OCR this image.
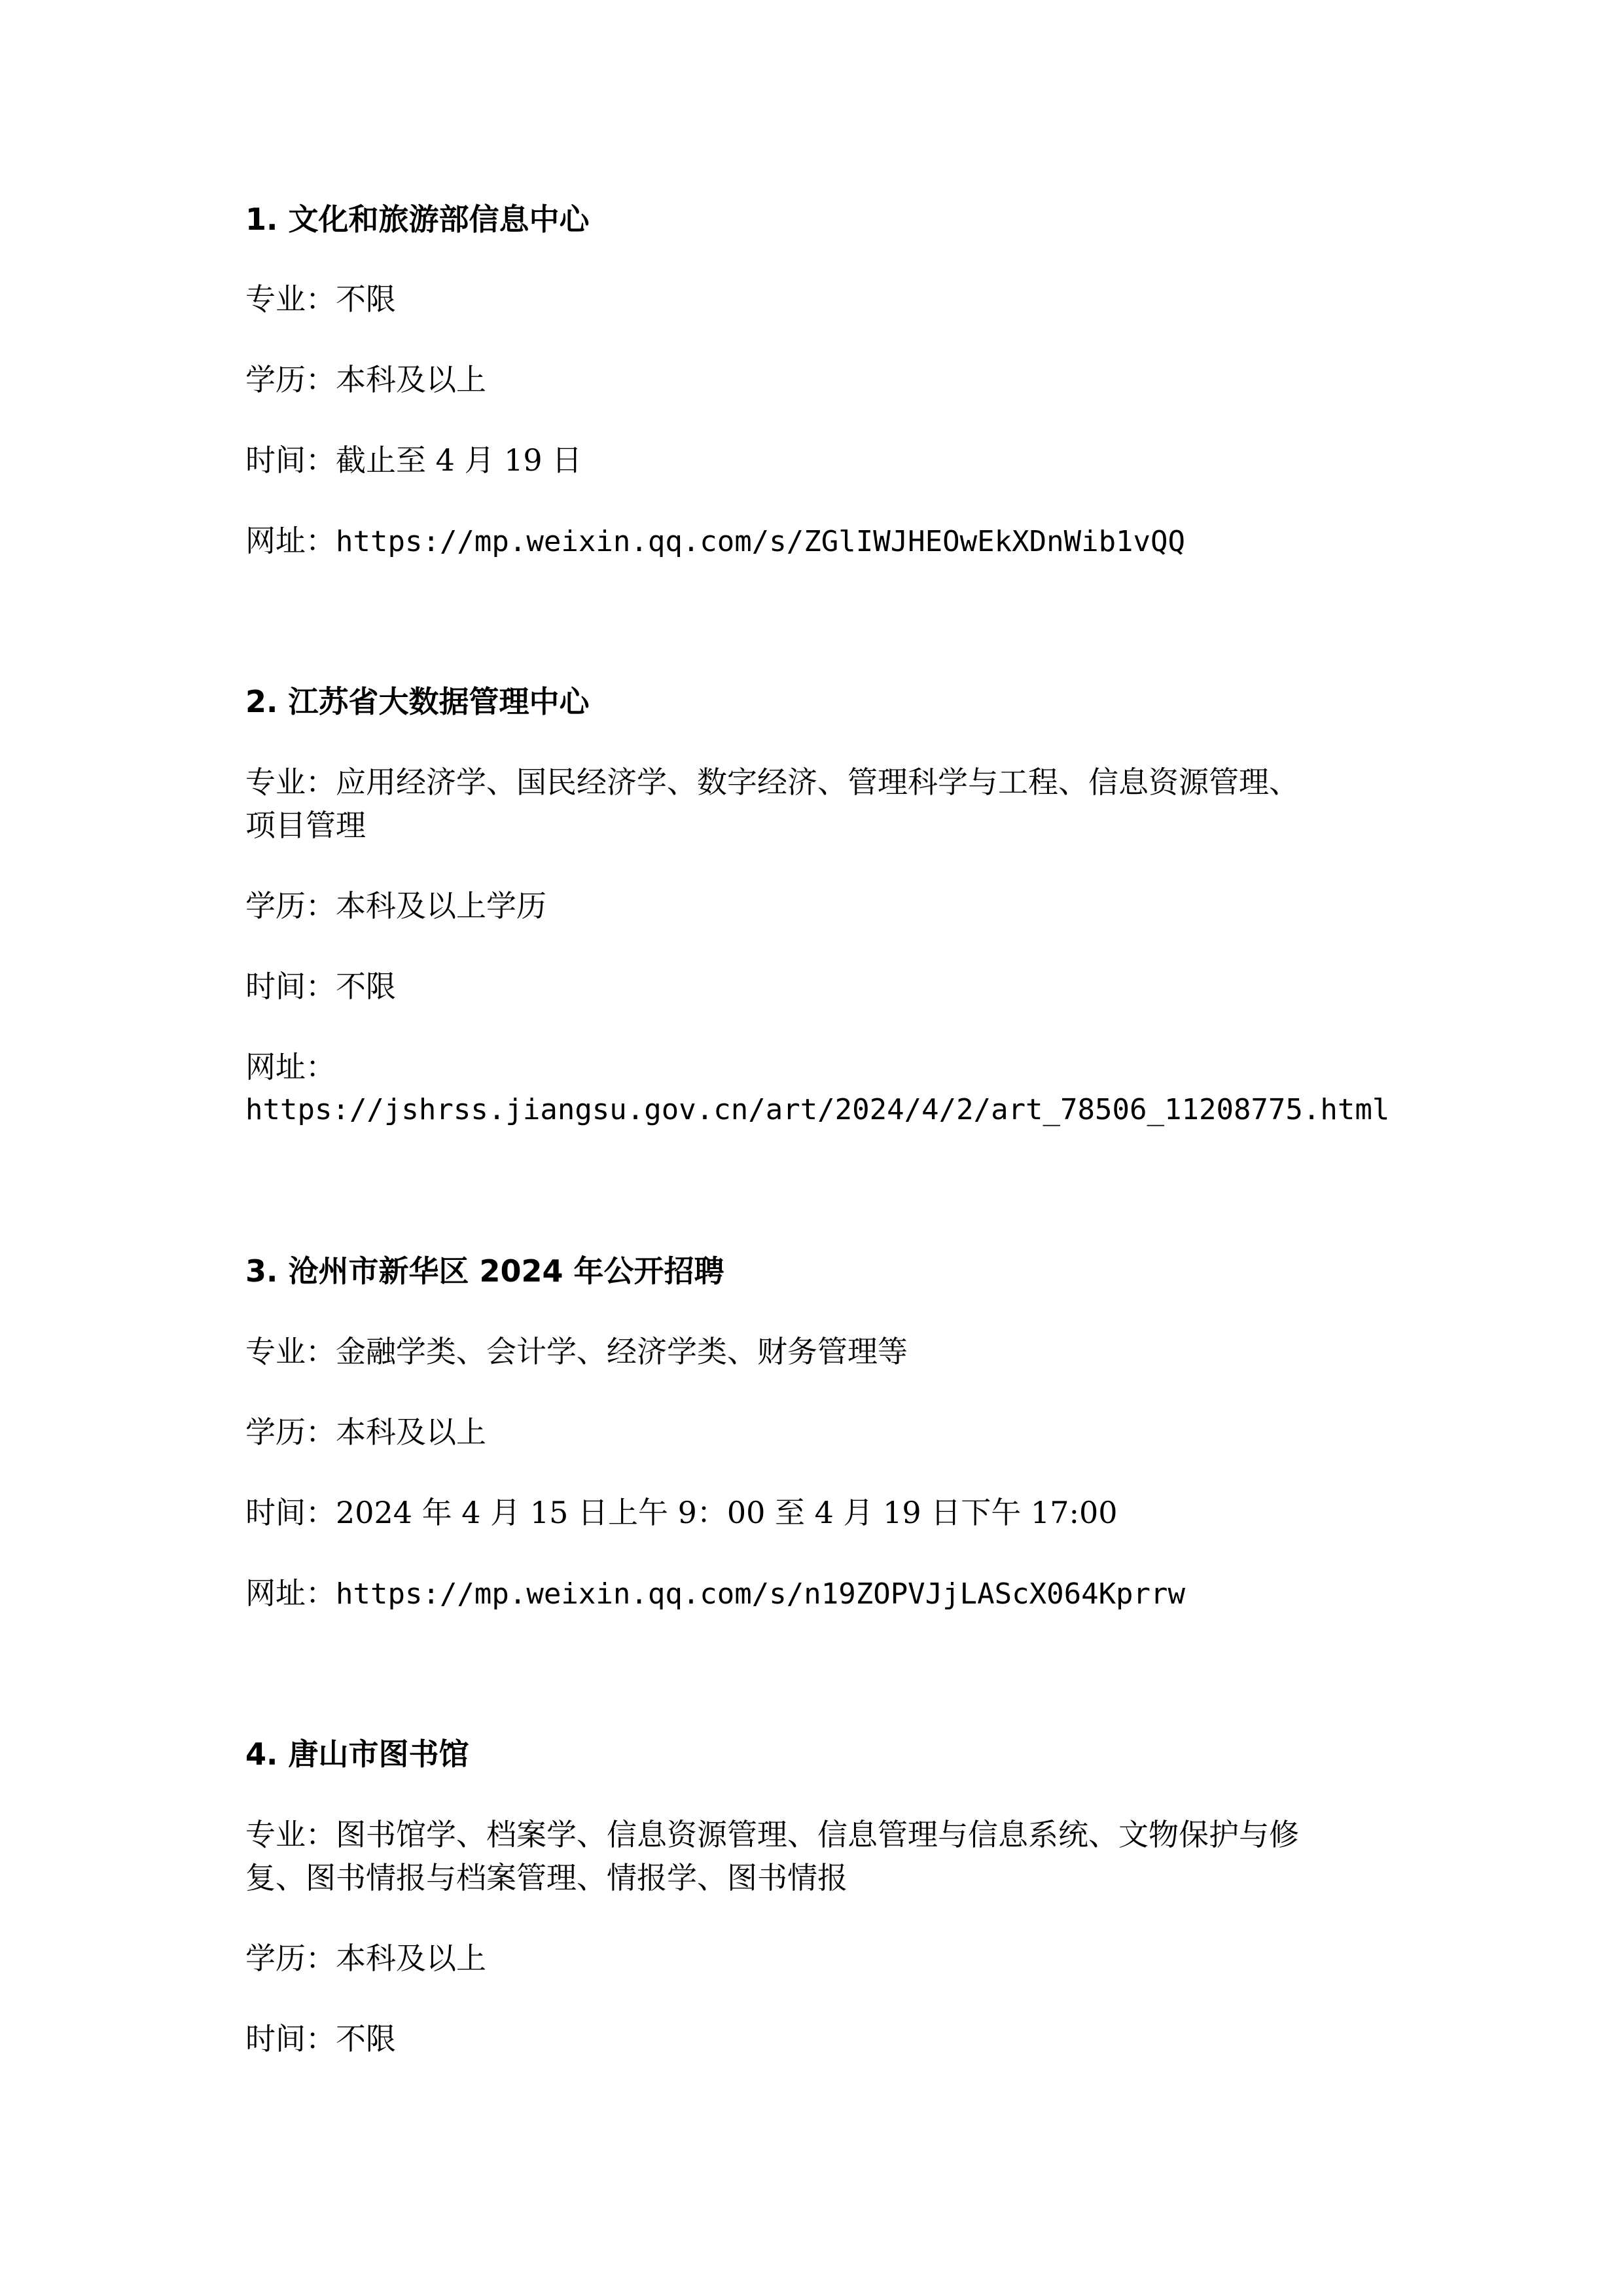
1. 文化和旅游部信息中心
专业：不限
学历：本科及以上
时间：截止至 4 月 19 日
网址：https://mp.weixin.qq.com/s/ZGlIWJHEOwEkXDnWib1vQQ
2. 江苏省大数据管理中心
专业：应用经济学、国民经济学、数字经济、管理科学与工程、信息资源管理、
项目管理
学历：本科及以上学历
时间：不限
网址：
https://jshrss.jiangsu.gov.cn/art/2024/4/2/art_78506_11208775.html
3. 沧州市新华区 2024 年公开招聘
专业：金融学类、会计学、经济学类、财务管理等
学历：本科及以上
时间：2024 年 4 月 15 日上午 9：00 至 4 月 19 日下午 17:00
网址：https://mp.weixin.qq.com/s/n19ZOPVJjLAScX064Kprrw
4. 唐山市图书馆
专业：图书馆学、档案学、信息资源管理、信息管理与信息系统、文物保护与修
复、图书情报与档案管理、情报学、图书情报
学历：本科及以上
时间：不限
